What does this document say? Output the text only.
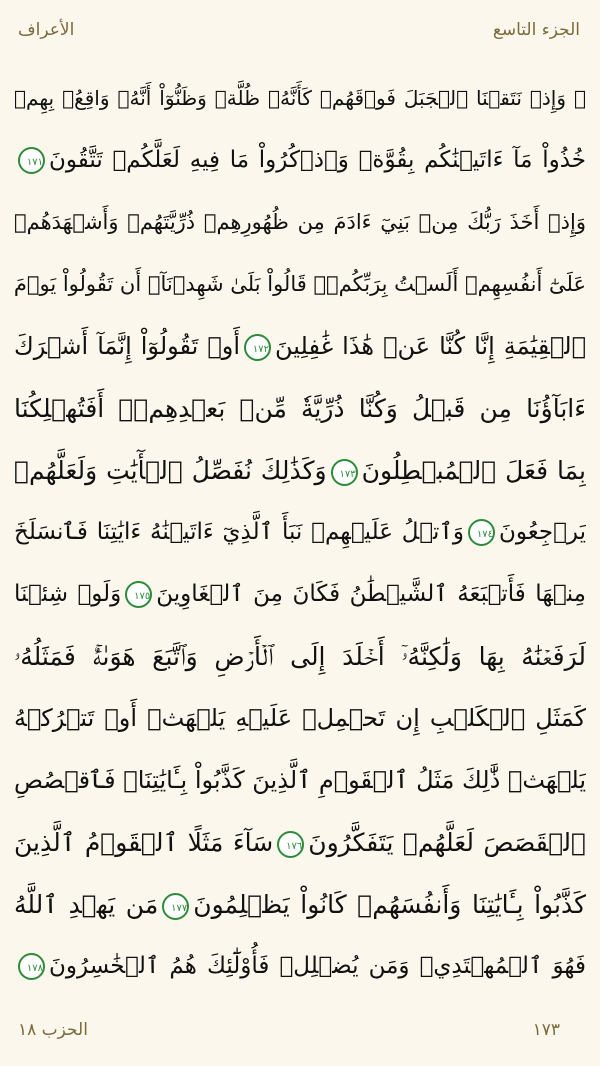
الجزء التاسع
الأعراف
۞ وَإِذۡ نَتَقۡنَا ٱلۡجَبَلَ فَوۡقَهُمۡ كَأَنَّهُۥ ظُلَّةٞ وَظَنُّوٓاْ أَنَّهُۥ وَاقِعُۢ بِهِمۡ
خُذُواْ مَآ ءَاتَيۡنَٰكُم بِقُوَّةٖ وَٱذۡكُرُواْ مَا فِيهِ لَعَلَّكُمۡ تَتَّقُونَ١٧١
وَإِذۡ أَخَذَ رَبُّكَ مِنۢ بَنِيٓ ءَادَمَ مِن ظُهُورِهِمۡ ذُرِّيَّتَهُمۡ وَأَشۡهَدَهُمۡ
عَلَىٰٓ أَنفُسِهِمۡ أَلَسۡتُ بِرَبِّكُمۡۖ قَالُواْ بَلَىٰ شَهِدۡنَآۚ أَن تَقُولُواْ يَوۡمَ
ٱلۡقِيَٰمَةِ إِنَّا كُنَّا عَنۡ هَٰذَا غَٰفِلِينَ١٧٢أَوۡ تَقُولُوٓاْ إِنَّمَآ أَشۡرَكَ
ءَابَآؤُنَا مِن قَبۡلُ وَكُنَّا ذُرِّيَّةٗ مِّنۢ بَعۡدِهِمۡۖ أَفَتُهۡلِكُنَا
بِمَا فَعَلَ ٱلۡمُبۡطِلُونَ١٧٣وَكَذَٰلِكَ نُفَصِّلُ ٱلۡأٓيَٰتِ وَلَعَلَّهُمۡ
يَرۡجِعُونَ١٧٤وَٱتۡلُ عَلَيۡهِمۡ نَبَأَ ٱلَّذِيٓ ءَاتَيۡنَٰهُ ءَايَٰتِنَا فَٱنسَلَخَ
مِنۡهَا فَأَتۡبَعَهُ ٱلشَّيۡطَٰنُ فَكَانَ مِنَ ٱلۡغَاوِينَ١٧٥وَلَوۡ شِئۡنَا
لَرَفَعۡنَٰهُ بِهَا وَلَٰكِنَّهُۥٓ أَخۡلَدَ إِلَى ٱلۡأَرۡضِ وَٱتَّبَعَ هَوَىٰهُۚ فَمَثَلُهُۥ
كَمَثَلِ ٱلۡكَلۡبِ إِن تَحۡمِلۡ عَلَيۡهِ يَلۡهَثۡ أَوۡ تَتۡرُكۡهُ
يَلۡهَثۚ ذَّٰلِكَ مَثَلُ ٱلۡقَوۡمِ ٱلَّذِينَ كَذَّبُواْ بِـَٔايَٰتِنَاۚ فَٱقۡصُصِ
ٱلۡقَصَصَ لَعَلَّهُمۡ يَتَفَكَّرُونَ١٧٦سَآءَ مَثَلًا ٱلۡقَوۡمُ ٱلَّذِينَ
كَذَّبُواْ بِـَٔايَٰتِنَا وَأَنفُسَهُمۡ كَانُواْ يَظۡلِمُونَ١٧٧مَن يَهۡدِ ٱللَّهُ
فَهُوَ ٱلۡمُهۡتَدِيۖ وَمَن يُضۡلِلۡ فَأُوْلَٰٓئِكَ هُمُ ٱلۡخَٰسِرُونَ١٧٨
الحزب ١٨	١٧٣
